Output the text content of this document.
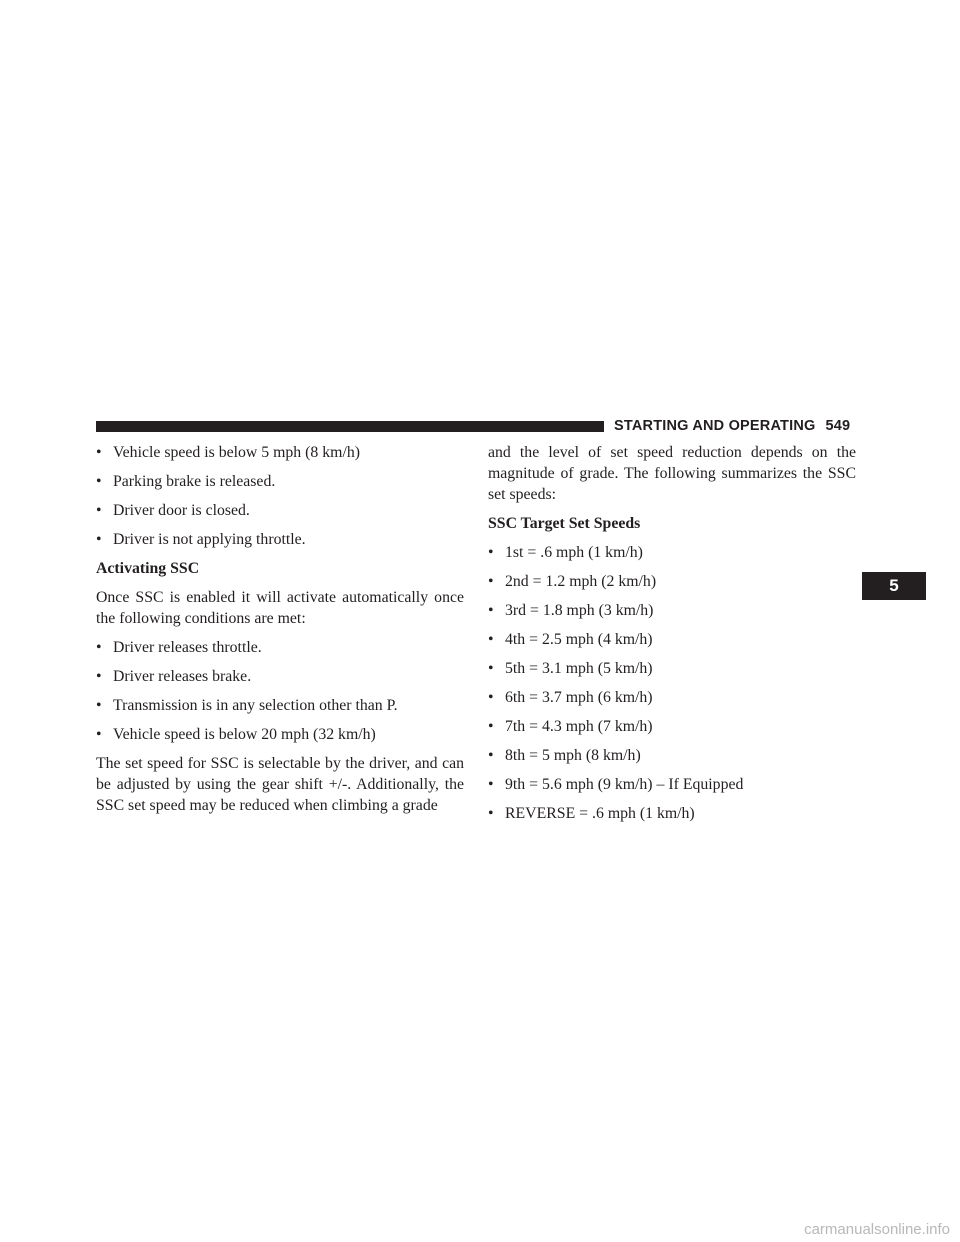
STARTING AND OPERATING 549
5
• Vehicle speed is below 5 mph (8 km/h)
• Parking brake is released.
• Driver door is closed.
• Driver is not applying throttle.
Activating SSC
Once SSC is enabled it will activate automatically once the following conditions are met:
• Driver releases throttle.
• Driver releases brake.
• Transmission is in any selection other than P.
• Vehicle speed is below 20 mph (32 km/h)
The set speed for SSC is selectable by the driver, and can be adjusted by using the gear shift +/-. Additionally, the SSC set speed may be reduced when climbing a grade
and the level of set speed reduction depends on the magnitude of grade. The following summarizes the SSC set speeds:
SSC Target Set Speeds
• 1st = .6 mph (1 km/h)
• 2nd = 1.2 mph (2 km/h)
• 3rd = 1.8 mph (3 km/h)
• 4th = 2.5 mph (4 km/h)
• 5th = 3.1 mph (5 km/h)
• 6th = 3.7 mph (6 km/h)
• 7th = 4.3 mph (7 km/h)
• 8th = 5 mph (8 km/h)
• 9th = 5.6 mph (9 km/h) – If Equipped
• REVERSE = .6 mph (1 km/h)
carmanualsonline.info
